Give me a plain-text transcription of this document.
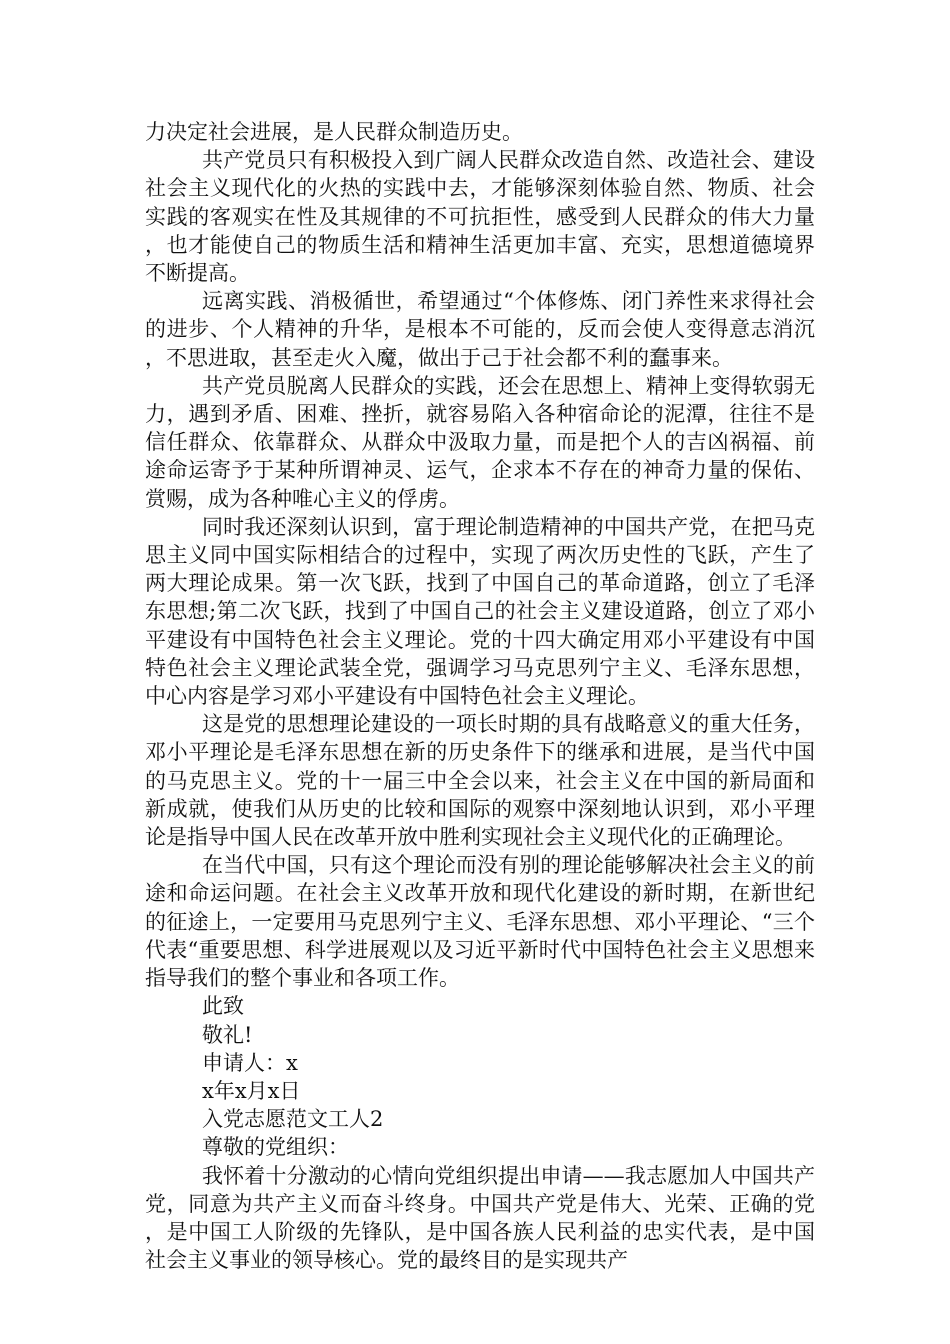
力决定社会进展，是人民群众制造历史。

共产党员只有积极投入到广阔人民群众改造自然、改造社会、建设社会主义现代化的火热的实践中去，才能够深刻体验自然、物质、社会实践的客观实在性及其规律的不可抗拒性，感受到人民群众的伟大力量，也才能使自己的物质生活和精神生活更加丰富、充实，思想道德境界不断提高。

远离实践、消极循世，希望通过“个体修炼、闭门养性来求得社会的进步、个人精神的升华，是根本不可能的，反而会使人变得意志消沉，不思进取，甚至走火入魔，做出于己于社会都不利的蠢事来。

共产党员脱离人民群众的实践，还会在思想上、精神上变得软弱无力，遇到矛盾、困难、挫折，就容易陷入各种宿命论的泥潭，往往不是信任群众、依靠群众、从群众中汲取力量，而是把个人的吉凶祸福、前途命运寄予于某种所谓神灵、运气，企求本不存在的神奇力量的保佑、赏赐，成为各种唯心主义的俘虏。

同时我还深刻认识到，富于理论制造精神的中国共产党，在把马克思主义同中国实际相结合的过程中，实现了两次历史性的飞跃，产生了两大理论成果。第一次飞跃，找到了中国自己的革命道路，创立了毛泽东思想;第二次飞跃，找到了中国自己的社会主义建设道路，创立了邓小平建设有中国特色社会主义理论。党的十四大确定用邓小平建设有中国特色社会主义理论武装全党，强调学习马克思列宁主义、毛泽东思想，中心内容是学习邓小平建设有中国特色社会主义理论。

这是党的思想理论建设的一项长时期的具有战略意义的重大任务，邓小平理论是毛泽东思想在新的历史条件下的继承和进展，是当代中国的马克思主义。党的十一届三中全会以来，社会主义在中国的新局面和新成就，使我们从历史的比较和国际的观察中深刻地认识到，邓小平理论是指导中国人民在改革开放中胜利实现社会主义现代化的正确理论。

在当代中国，只有这个理论而没有别的理论能够解决社会主义的前途和命运问题。在社会主义改革开放和现代化建设的新时期，在新世纪的征途上，一定要用马克思列宁主义、毛泽东思想、邓小平理论、“三个代表“重要思想、科学进展观以及习近平新时代中国特色社会主义思想来指导我们的整个事业和各项工作。

此致

敬礼!

申请人：x

x年x月x日

入党志愿范文工人2

尊敬的党组织：

我怀着十分激动的心情向党组织提出申请——我志愿加人中国共产党，同意为共产主义而奋斗终身。中国共产党是伟大、光荣、正确的党，是中国工人阶级的先锋队，是中国各族人民利益的忠实代表，是中国社会主义事业的领导核心。党的最终目的是实现共产
